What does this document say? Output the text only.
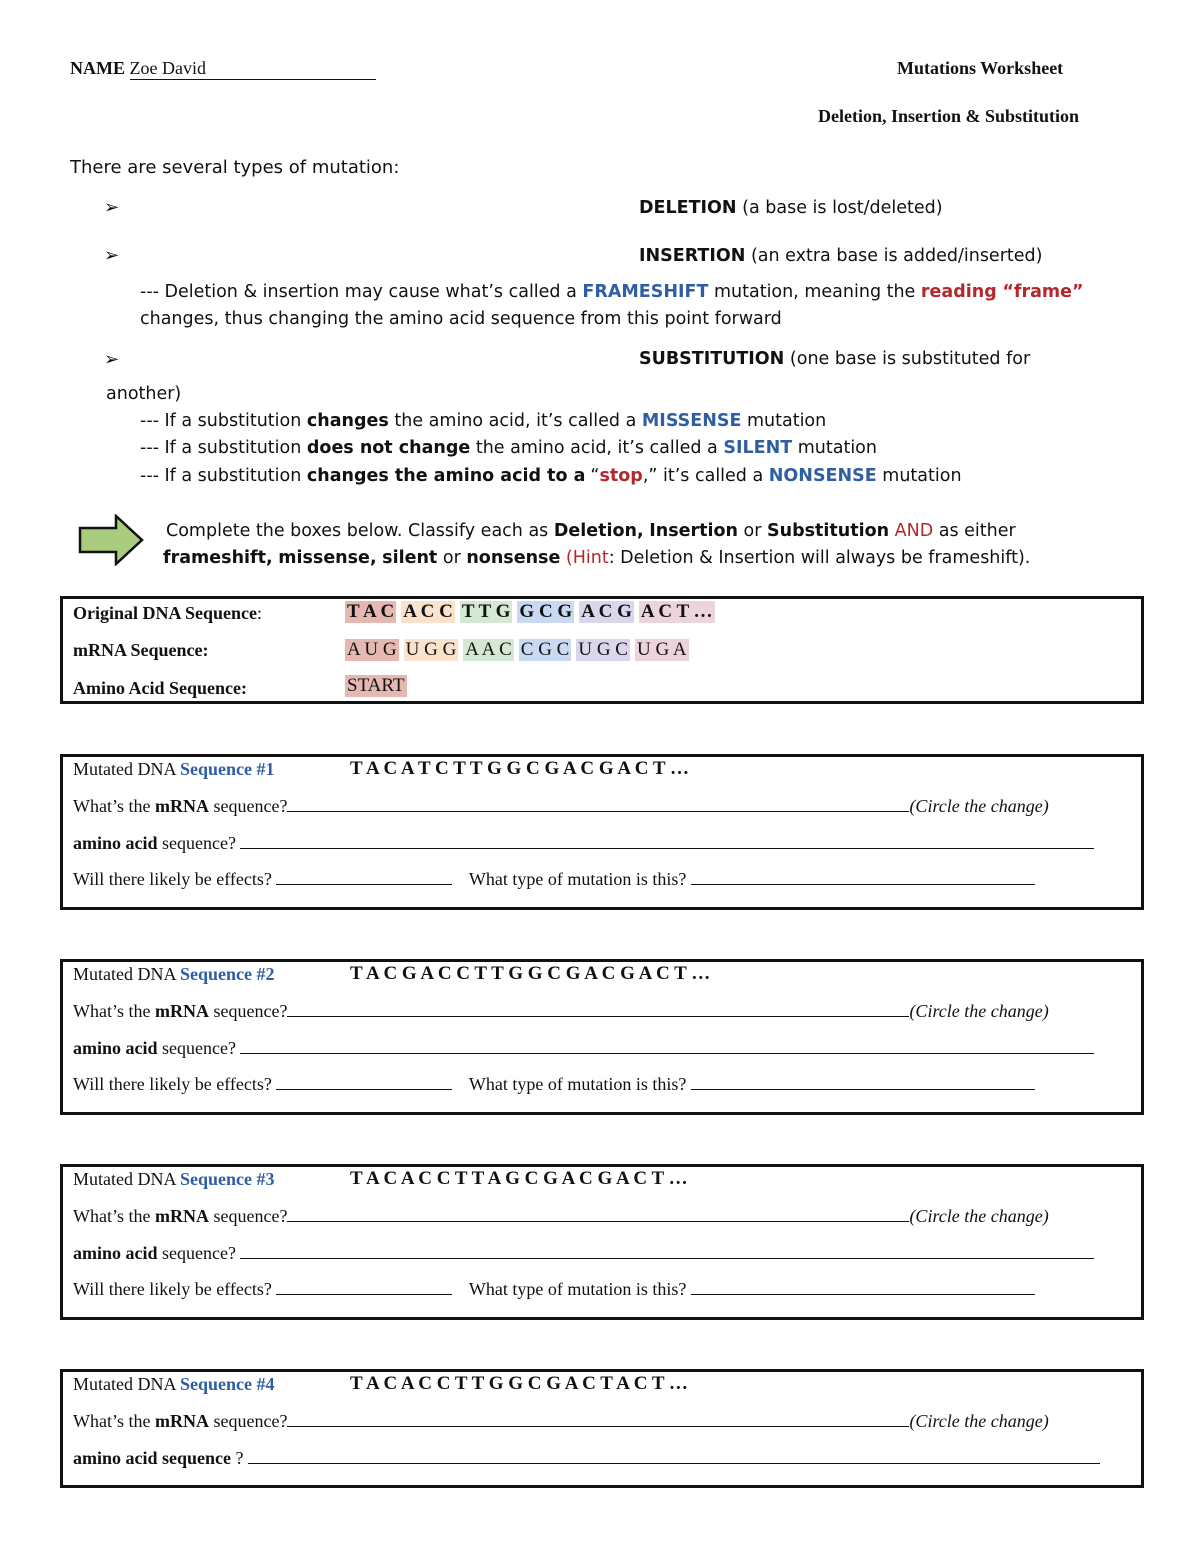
NAME Zoe David	Mutations Worksheet
Deletion, Insertion & Substitution
There are several types of mutation:
➢	DELETION (a base is lost/deleted)
➢	INSERTION (an extra base is added/inserted)
--- Deletion & insertion may cause what’s called a FRAMESHIFT mutation, meaning the reading “frame”
changes, thus changing the amino acid sequence from this point forward
➢	SUBSTITUTION (one base is substituted for
another)
--- If a substitution changes the amino acid, it’s called a MISSENSE mutation
--- If a substitution does not change the amino acid, it’s called a SILENT mutation
--- If a substitution changes the amino acid to a “stop,” it’s called a NONSENSE mutation
Complete the boxes below. Classify each as Deletion, Insertion or Substitution AND as either
frameshift, missense, silent or nonsense (Hint: Deletion & Insertion will always be frameshift).
Original DNA Sequence:	T A C A C C T T G G C G A C G A C T …
mRNA Sequence:	A U G U G G A A C C G C U G C U G A
Amino Acid Sequence:	START
Mutated DNA Sequence #1	T A C A T C T T G G C G A C G A C T …
What’s the mRNA sequence?	(Circle the change)
amino acid sequence?
Will there likely be effects?	What type of mutation is this?
Mutated DNA Sequence #2	T A C G A C C T T G G C G A C G A C T …
What’s the mRNA sequence?	(Circle the change)
amino acid sequence?
Will there likely be effects?	What type of mutation is this?
Mutated DNA Sequence #3	T A C A C C T T A G C G A C G A C T …
What’s the mRNA sequence?	(Circle the change)
amino acid sequence?
Will there likely be effects?	What type of mutation is this?
Mutated DNA Sequence #4	T A C A C C T T G G C G A C T A C T …
What’s the mRNA sequence?	(Circle the change)
amino acid sequence ?
